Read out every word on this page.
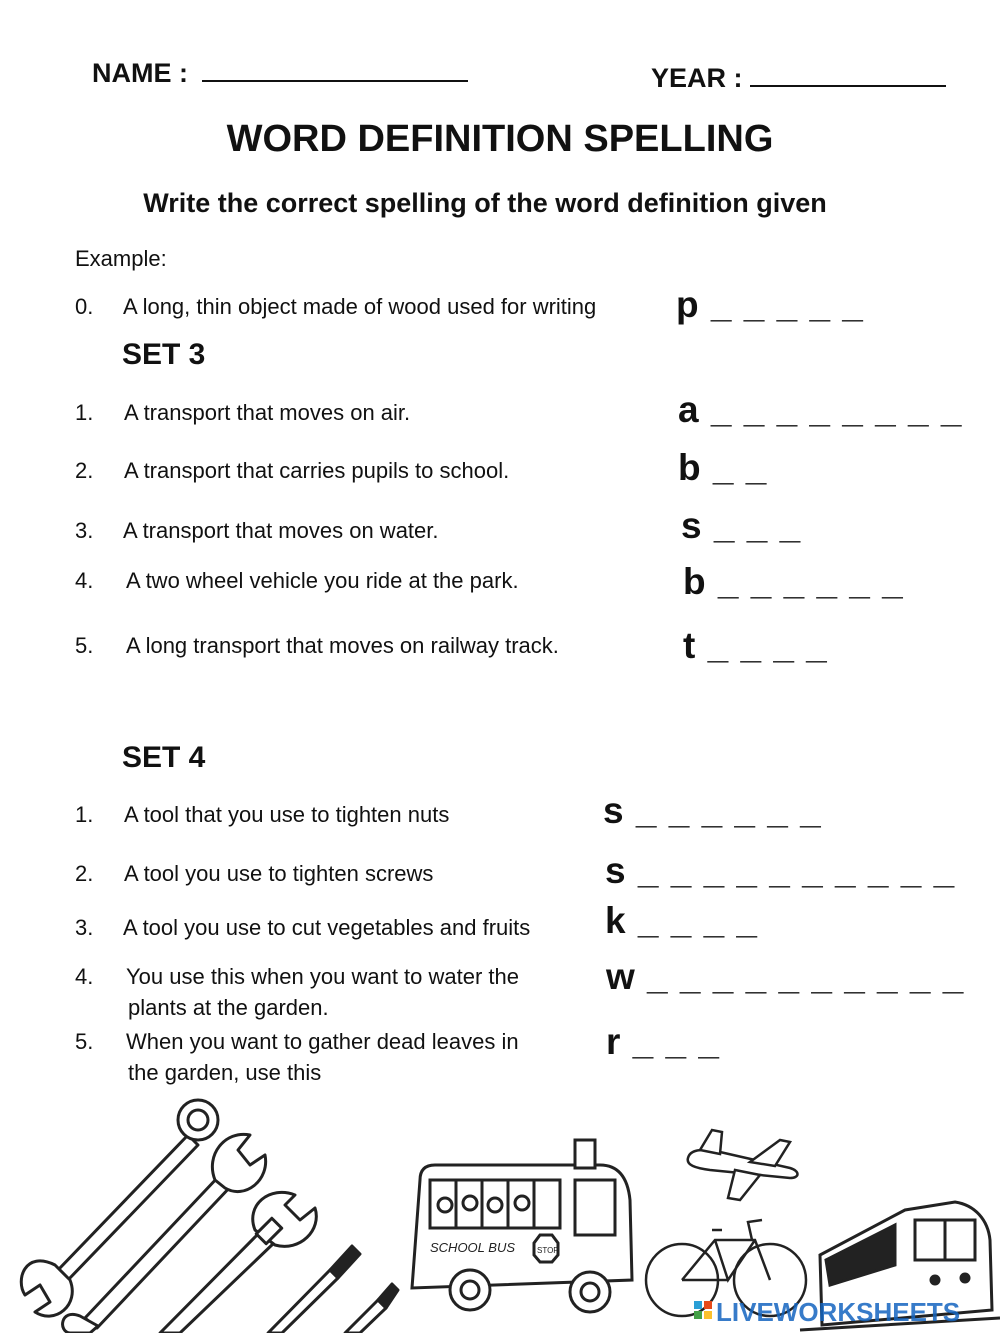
NAME :	YEAR :
WORD DEFINITION SPELLING
Write the correct spelling of the word definition given
Example:
0. A long, thin object made of wood used for writing p _ _ _ _ _
SET 3
1. A transport that moves on air.	a _ _ _ _ _ _ _ _
2. A transport that carries pupils to school.	b _ _
3. A transport that moves on water.	s _ _ _
4. A two wheel vehicle you ride at the park.	b _ _ _ _ _ _
5. A long transport that moves on railway track.	t _ _ _ _
SET 4
1. A tool that you use to tighten nuts	s _ _ _ _ _ _
2. A tool you use to tighten screws	s _ _ _ _ _ _ _ _ _ _
3. A tool you use to cut vegetables and fruits k _ _ _ _
4. You use this when you want to water the
plants at the garden.
w _ _ _ _ _ _ _ _ _ _
5. When you want to gather dead leaves in
the garden, use this
r _ _ _
SCHOOL BUS	STOP
LIVEWORKSHEETS
